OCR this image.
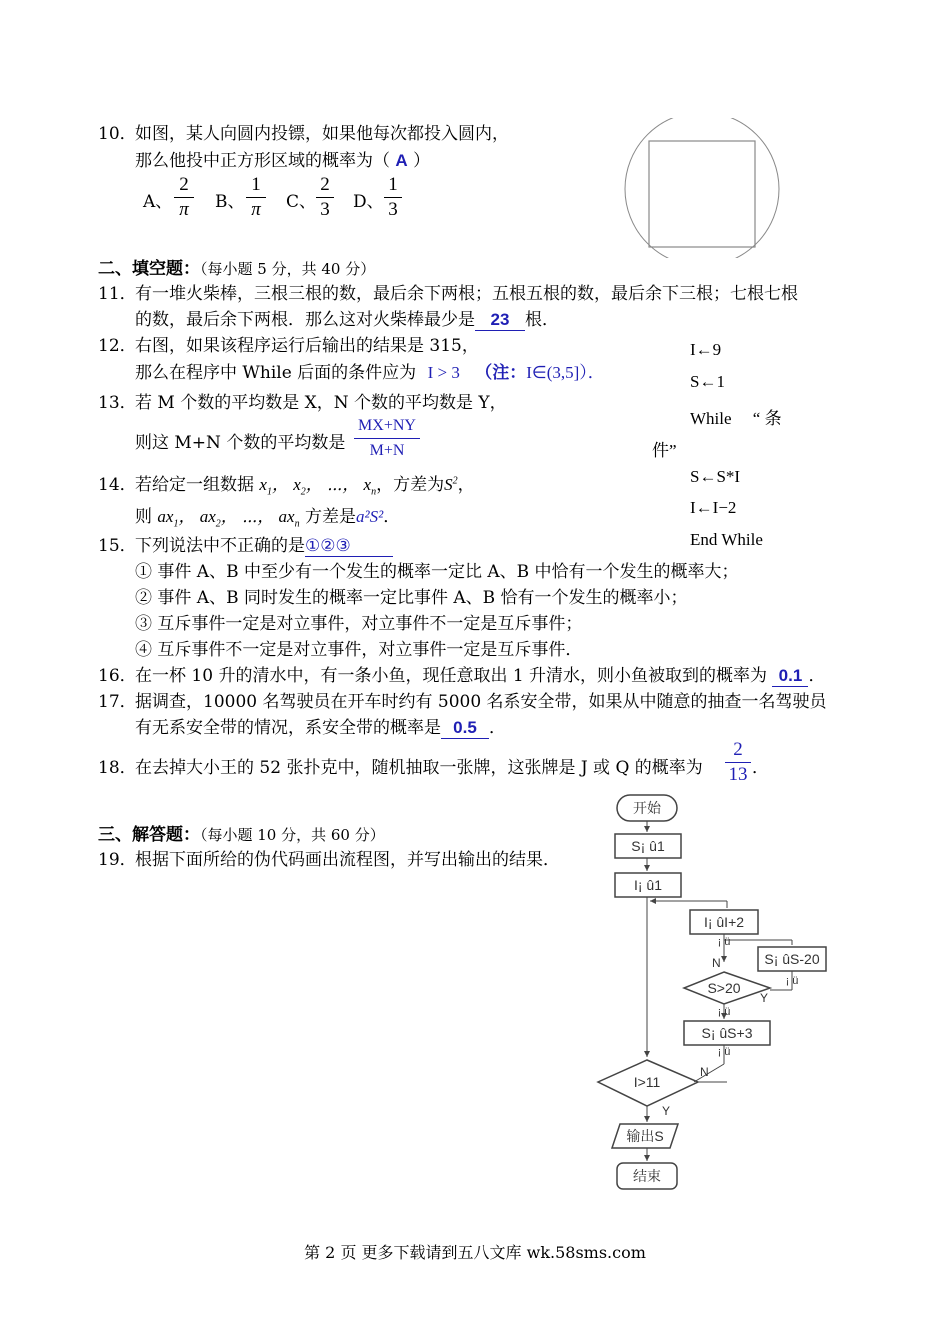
10．
如图，某人向圆内投镖，如果他每次都投入圆内，
那么他投中正方形区域的概率为（ A ）
A、
2
π	B、
1
π	C、
2
3 D、
1
3
二、填空题：（每小题 5 分，共 40 分）
11．
有一堆火柴棒，三根三根的数，最后余下两根；五根五根的数，最后余下三根；七根七根
的数，最后余下两根．那么这对火柴棒最少是 23 根．
12．
右图，如果该程序运行后输出的结果是 315，
那么在程序中 While 后面的条件应为 I > 3 （注：I∈(3,5]）．
I←9
S←1
While　 “ 条
件”
S←S*I
I←I−2
End While
13．
若 M 个数的平均数是 X，N 个数的平均数是 Y，
则这 M+N 个数的平均数是
MX+NY
M+N
14．
若给定一组数据 $x_1$， $x_2$， ⋯， $x_n$，方差为$S^2$，
则 $ax_1$， $ax_2$， ⋯， $ax_n$ 方差是a²S²．
15．
下列说法中不正确的是①②③
① 事件 A、B 中至少有一个发生的概率一定比 A、B 中恰有一个发生的概率大；
② 事件 A、B 同时发生的概率一定比事件 A、B 恰有一个发生的概率小；
③ 互斥事件一定是对立事件，对立事件不一定是互斥事件；
④ 互斥事件不一定是对立事件，对立事件一定是互斥事件．
16．
在一杯 10 升的清水中，有一条小鱼，现任意取出 1 升清水，则小鱼被取到的概率为 0.1 ．
17．
据调查，10000 名驾驶员在开车时约有 5000 名系安全带，如果从中随意的抽查一名驾驶员
有无系安全带的情况，系安全带的概率是 0.5 ．
18．
在去掉大小王的 52 张扑克中，随机抽取一张牌，这张牌是 J 或 Q 的概率为
2
13 ．
三、解答题：（每小题 10 分，共 60 分）
19．
根据下面所给的伪代码画出流程图，并写出输出的结果．
开始
S¡ û1
I¡ û1
I¡ ûI+2
¡ ü
N	S¡ ûS-20
¡ ü
S>20
Y
¡ ü
S¡ ûS+3
¡ ü
I>11
N
Y
输出S
结束
第 2 页 更多下载请到五八文库 wk.58sms.com
